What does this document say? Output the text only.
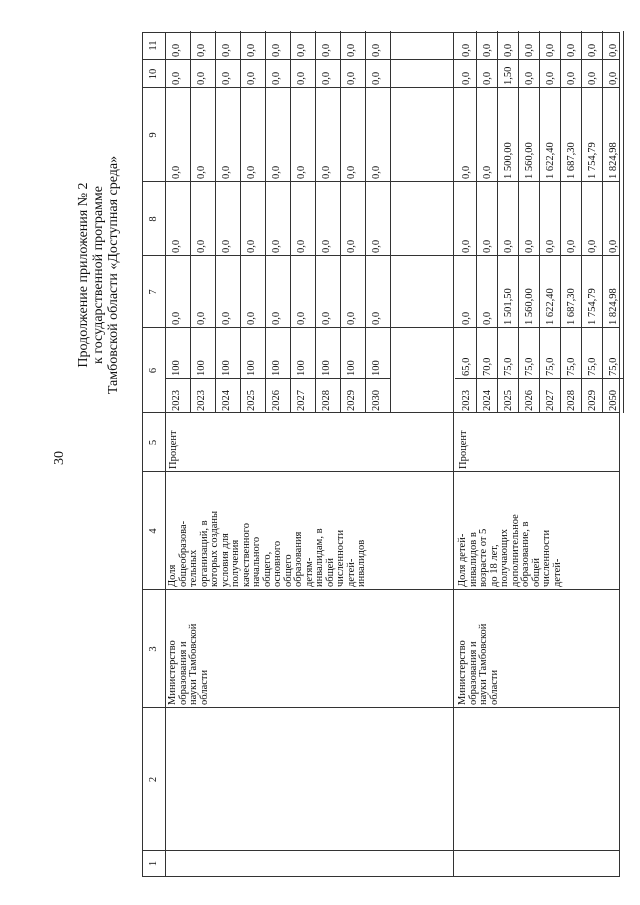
30
Продолжение приложения № 2 к государственной программе Тамбовской области «Доступная среда»
1
2
3
4
5
6
7
8
9
10
11
Министерство
образования и
науки Тамбовской
области
Доля
общеобразова-
тельных
организаций, в
которых созданы
условия для
получения
качественного
начального
общего,
основного
общего
образования
детям-
инвалидам, в
общей
численности
детей-
инвалидов
Процент
2023
100
0,0
0,0
0,0
0,0
0,0
2023
100
0,0
0,0
0,0
0,0
0,0
2024
100
0,0
0,0
0,0
0,0
0,0
2025
100
0,0
0,0
0,0
0,0
0,0
2026
100
0,0
0,0
0,0
0,0
0,0
2027
100
0,0
0,0
0,0
0,0
0,0
2028
100
0,0
0,0
0,0
0,0
0,0
2029
100
0,0
0,0
0,0
0,0
0,0
2030
100
0,0
0,0
0,0
0,0
0,0
Министерство
образования и
науки Тамбовской
области
Доля детей-
инвалидов в
возрасте от 5
до 18 лет,
получающих
дополнительное
образование, в
общей
численности
детей-
Процент
2023
65,0
0,0
0,0
0,0
0,0
0,0
2024
70,0
0,0
0,0
0,0
0,0
0,0
2025
75,0
1 501,50
0,0
1 500,00
1,50
0,0
2026
75,0
1 560,00
0,0
1 560,00
0,0
0,0
2027
75,0
1 622,40
0,0
1 622,40
0,0
0,0
2028
75,0
1 687,30
0,0
1 687,30
0,0
0,0
2029
75,0
1 754,79
0,0
1 754,79
0,0
0,0
2050
75,0
1 824,98
0,0
1 824,98
0,0
0,0
